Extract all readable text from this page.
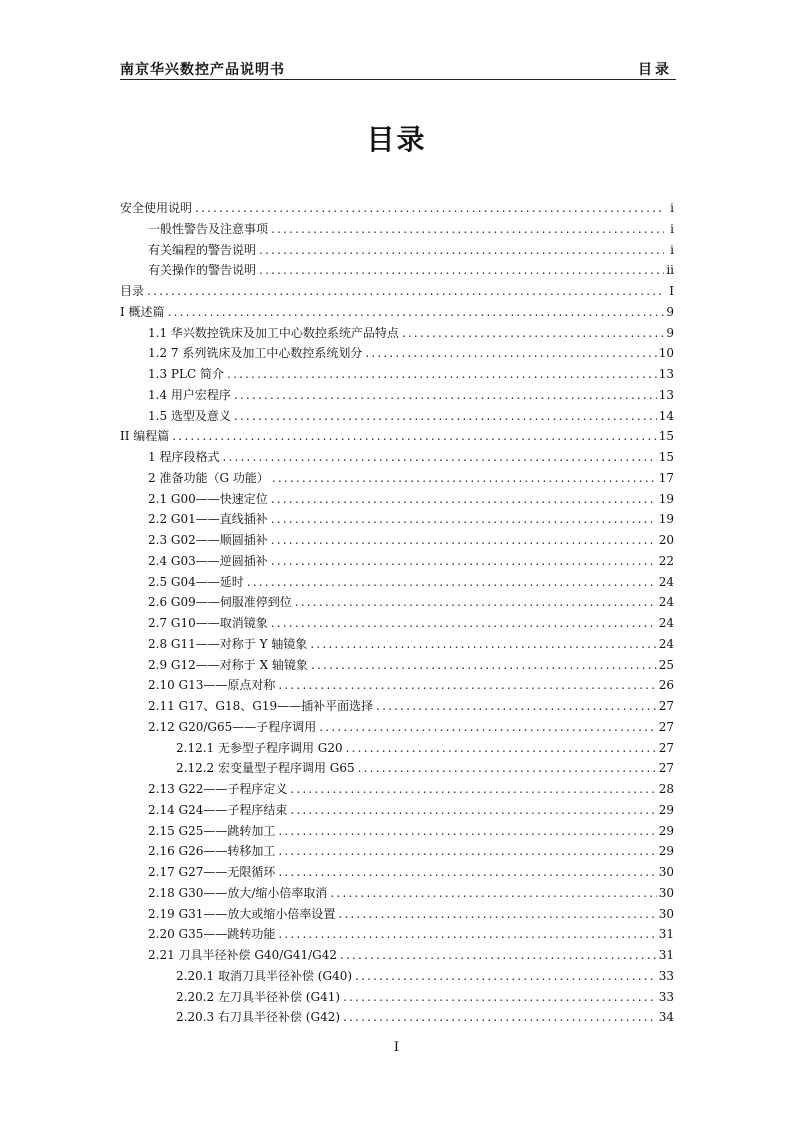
南京华兴数控产品说明书	目录
目录
安全使用说明 .....	i
一般性警告及注意事项 .....	i
有关编程的警告说明 .....	i
有关操作的警告说明 .....	ii
目录 .....	I
Ⅰ 概述篇 .....	9
1.1 华兴数控铣床及加工中心数控系统产品特点 .....	9
1.2 7 系列铣床及加工中心数控系统划分 .....	10
1.3 PLC 简介 .....	13
1.4 用户宏程序 .....	13
1.5 选型及意义 .....	14
II 编程篇 .....	15
1 程序段格式 .....	15
2 准备功能（G 功能） .....	17
2.1 G00——快速定位 .....	19
2.2 G01——直线插补 .....	19
2.3 G02——顺圆插补 .....	20
2.4 G03——逆圆插补 .....	22
2.5 G04——延时 .....	24
2.6 G09——伺服准停到位 .....	24
2.7 G10——取消镜象 .....	24
2.8 G11——对称于 Y 轴镜象 .....	24
2.9 G12——对称于 X 轴镜象 .....	25
2.10 G13——原点对称 .....	26
2.11 G17、G18、G19——插补平面选择 .....	27
2.12 G20/G65——子程序调用 .....	27
2.12.1 无参型子程序调用 G20 .....	27
2.12.2 宏变量型子程序调用 G65 .....	27
2.13 G22——子程序定义 .....	28
2.14 G24——子程序结束 .....	29
2.15 G25——跳转加工 .....	29
2.16 G26——转移加工 .....	29
2.17 G27——无限循环 .....	30
2.18 G30——放大/缩小倍率取消 .....	30
2.19 G31——放大或缩小倍率设置 .....	30
2.20 G35——跳转功能 .....	31
2.21 刀具半径补偿 G40/G41/G42 .....	31
2.20.1 取消刀具半径补偿 (G40) .....	33
2.20.2 左刀具半径补偿 (G41) .....	33
2.20.3 右刀具半径补偿 (G42) .....	34
I
